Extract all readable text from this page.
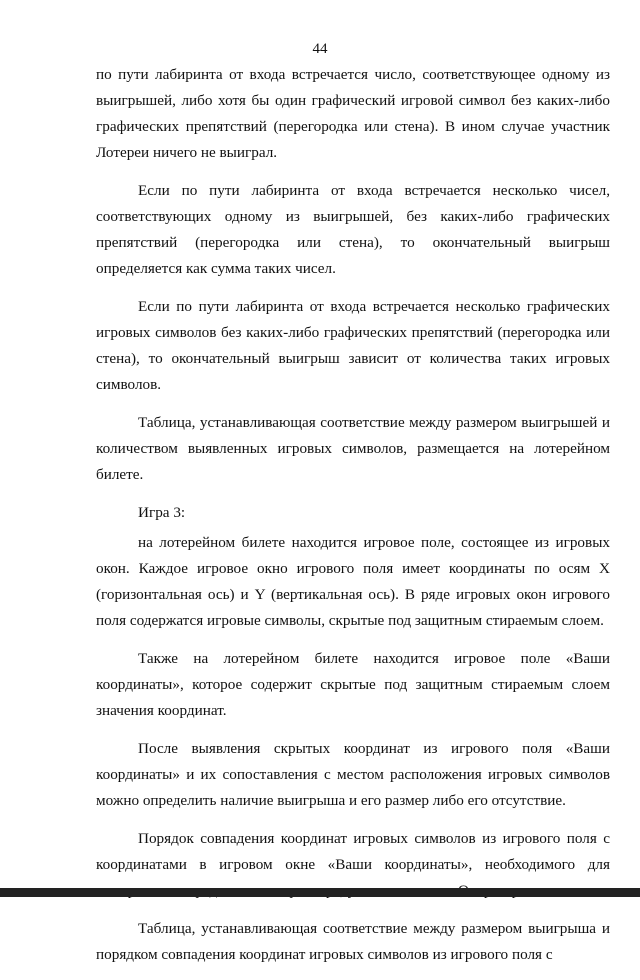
44

по пути лабиринта от входа встречается число, соответствующее одному из выигрышей, либо хотя бы один графический игровой символ без каких-либо графических препятствий (перегородка или стена). В ином случае участник Лотереи ничего не выиграл.

Если по пути лабиринта от входа встречается несколько чисел, соответствующих одному из выигрышей, без каких-либо графических препятствий (перегородка или стена), то окончательный выигрыш определяется как сумма таких чисел.

Если по пути лабиринта от входа встречается несколько графических игровых символов без каких-либо графических препятствий (перегородка или стена), то окончательный выигрыш зависит от количества таких игровых символов.

Таблица, устанавливающая соответствие между размером выигрышей и количеством выявленных игровых символов, размещается на лотерейном билете.

Игра 3:

на лотерейном билете находится игровое поле, состоящее из игровых окон. Каждое игровое окно игрового поля имеет координаты по осям X (горизонтальная ось) и Y (вертикальная ось). В ряде игровых окон игрового поля содержатся игровые символы, скрытые под защитным стираемым слоем.

Также на лотерейном билете находится игровое поле «Ваши координаты», которое содержит скрытые под защитным стираемым слоем значения координат.

После выявления скрытых координат из игрового поля «Ваши координаты» и их сопоставления с местом расположения игровых символов можно определить наличие выигрыша и его размер либо его отсутствие.

Порядок совпадения координат игровых символов из игрового поля с координатами в игровом окне «Ваши координаты», необходимого для

Таблица, устанавливающая соответствие между размером выигрыша и порядком совпадения координат игровых символов из игрового поля с
